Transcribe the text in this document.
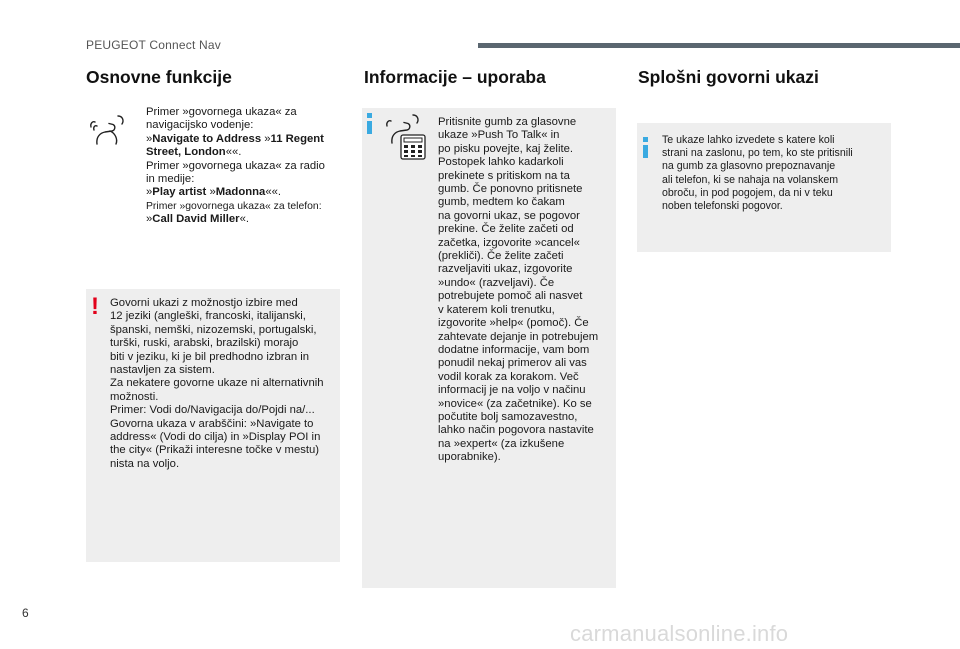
PEUGEOT Connect Nav
Osnovne funkcije
Primer »govornega ukaza« za
navigacijsko vodenje:
»Navigate to Address »11 Regent
Street, London««.
Primer »govornega ukaza« za radio
in medije:
»Play artist »Madonna««.
Primer »govornega ukaza« za telefon:
»Call David Miller«.
! Govorni ukazi z možnostjo izbire med
12 jeziki (angleški, francoski, italijanski,
španski, nemški, nizozemski, portugalski,
turški, ruski, arabski, brazilski) morajo
biti v jeziku, ki je bil predhodno izbran in
nastavljen za sistem.
Za nekatere govorne ukaze ni alternativnih
možnosti.
Primer: Vodi do/Navigacija do/Pojdi na/...
Govorna ukaza v arabščini: »Navigate to
address« (Vodi do cilja) in »Display POI in
the city« (Prikaži interesne točke v mestu)
nista na voljo.
Informacije – uporaba
Pritisnite gumb za glasovne
ukaze »Push To Talk« in
po pisku povejte, kaj želite.
Postopek lahko kadarkoli
prekinete s pritiskom na ta
gumb. Če ponovno pritisnete
gumb, medtem ko čakam
na govorni ukaz, se pogovor
prekine. Če želite začeti od
začetka, izgovorite »cancel«
(prekliči). Če želite začeti
razveljaviti ukaz, izgovorite
»undo« (razveljavi). Če
potrebujete pomoč ali nasvet
v katerem koli trenutku,
izgovorite »help« (pomoč). Če
zahtevate dejanje in potrebujem
dodatne informacije, vam bom
ponudil nekaj primerov ali vas
vodil korak za korakom. Več
informacij je na voljo v načinu
»novice« (za začetnike). Ko se
počutite bolj samozavestno,
lahko način pogovora nastavite
na »expert« (za izkušene
uporabnike).
Splošni govorni ukazi
Te ukaze lahko izvedete s katere koli
strani na zaslonu, po tem, ko ste pritisnili
na gumb za glasovno prepoznavanje
ali telefon, ki se nahaja na volanskem
obroču, in pod pogojem, da ni v teku
noben telefonski pogovor.
6
carmanualsonline.info
